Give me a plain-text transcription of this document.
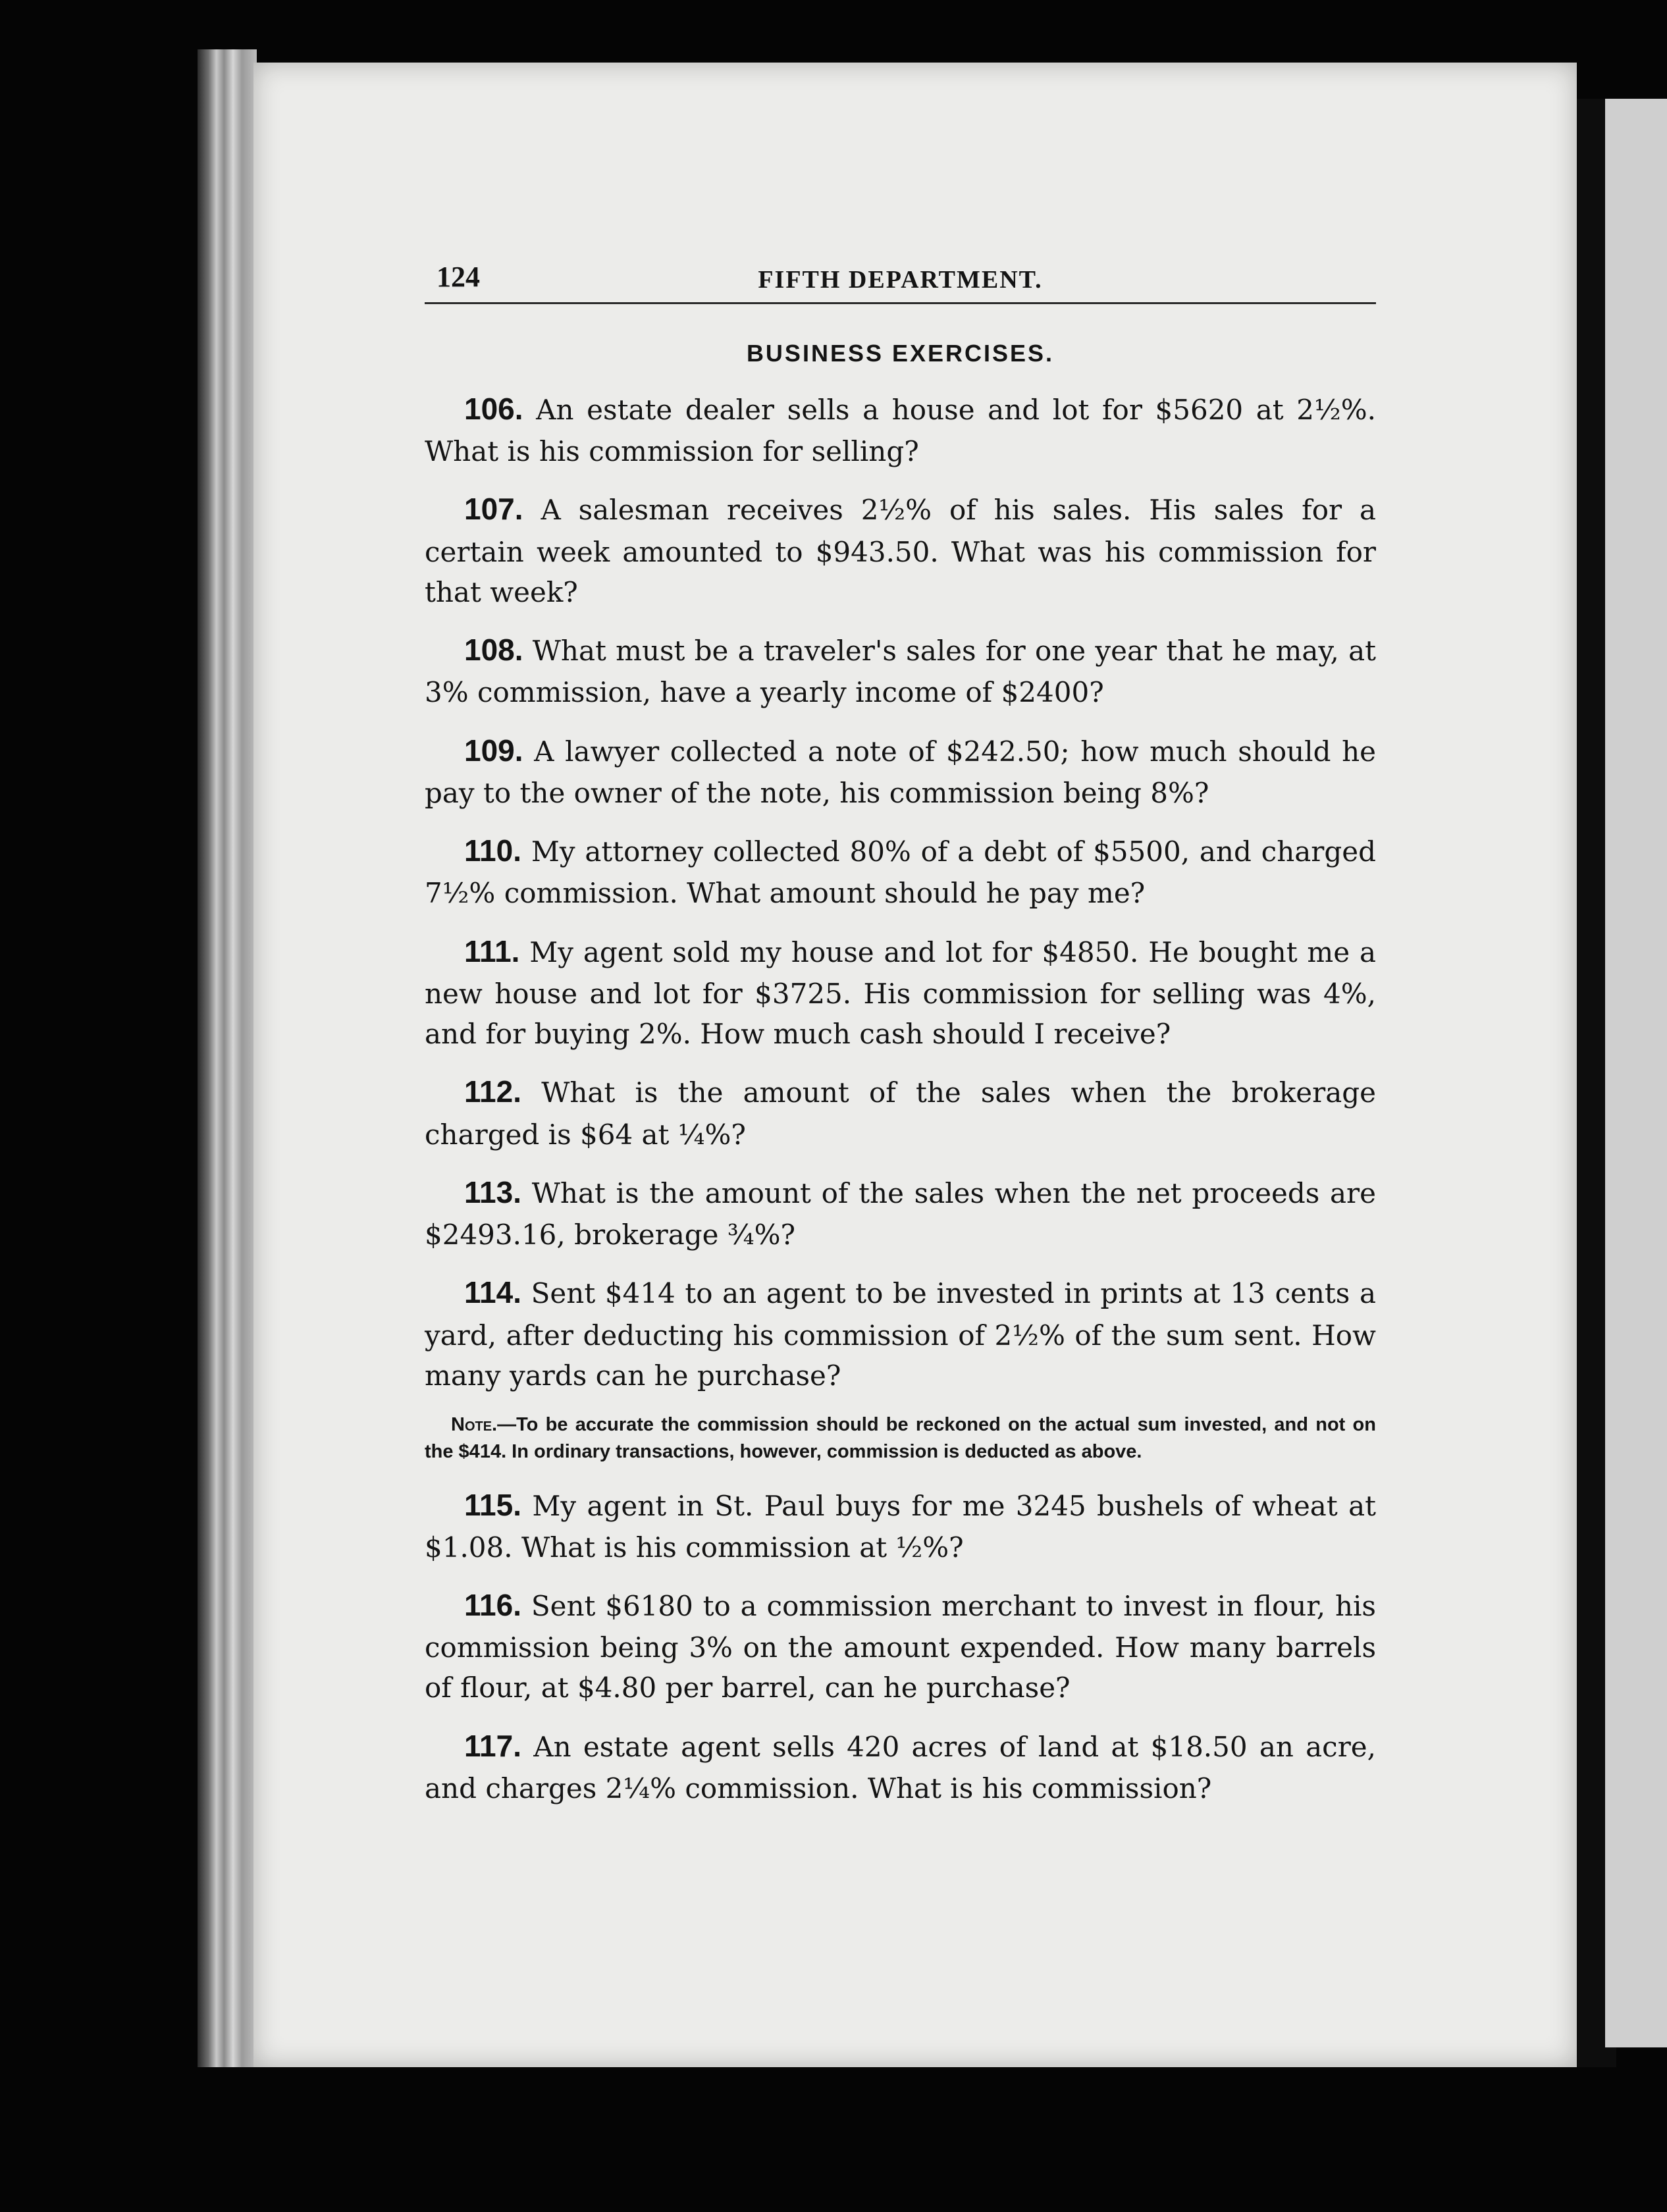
124	FIFTH DEPARTMENT.
BUSINESS EXERCISES.

106. An estate dealer sells a house and lot for $5620 at 2½%. What is his commission for selling?

107. A salesman receives 2½% of his sales. His sales for a certain week amounted to $943.50. What was his commission for that week?

108. What must be a traveler's sales for one year that he may, at 3% commission, have a yearly income of $2400?

109. A lawyer collected a note of $242.50; how much should he pay to the owner of the note, his commission being 8%?

110. My attorney collected 80% of a debt of $5500, and charged 7½% commission. What amount should he pay me?

111. My agent sold my house and lot for $4850. He bought me a new house and lot for $3725. His commission for selling was 4%, and for buying 2%. How much cash should I receive?

112. What is the amount of the sales when the brokerage charged is $64 at ¼%?

113. What is the amount of the sales when the net proceeds are $2493.16, brokerage ¾%?

114. Sent $414 to an agent to be invested in prints at 13 cents a yard, after deducting his commission of 2½% of the sum sent. How many yards can he purchase?

Note.—To be accurate the commission should be reckoned on the actual sum invested, and not on the $414. In ordinary transactions, however, commission is deducted as above.

115. My agent in St. Paul buys for me 3245 bushels of wheat at $1.08. What is his commission at ½%?

116. Sent $6180 to a commission merchant to invest in flour, his commission being 3% on the amount expended. How many barrels of flour, at $4.80 per barrel, can he purchase?

117. An estate agent sells 420 acres of land at $18.50 an acre, and charges 2¼% commission. What is his commission?
